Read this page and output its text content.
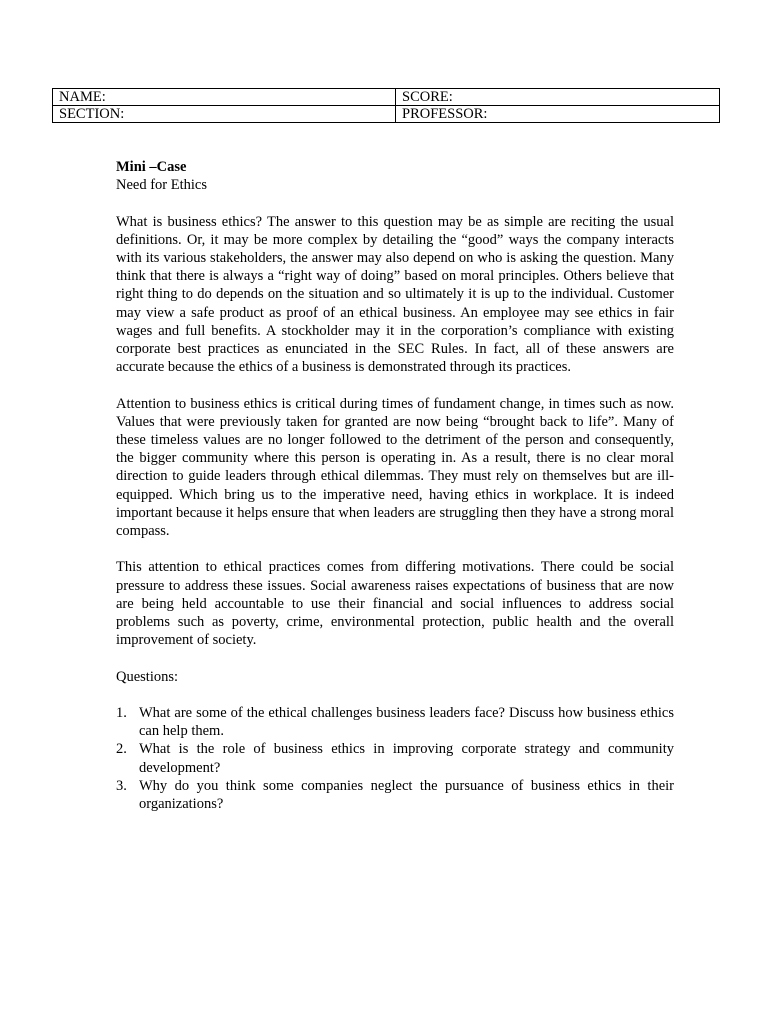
NAME:	SCORE:
SECTION:	PROFESSOR:

Mini –Case

Need for Ethics

What is business ethics? The answer to this question may be as simple are reciting the usual definitions. Or, it may be more complex by detailing the “good” ways the company interacts with its various stakeholders, the answer may also depend on who is asking the question. Many think that there is always a “right way of doing” based on moral principles. Others believe that right thing to do depends on the situation and so ultimately it is up to the individual. Customer may view a safe product as proof of an ethical business. An employee may see ethics in fair wages and full benefits. A stockholder may it in the corporation’s compliance with existing corporate best practices as enunciated in the SEC Rules. In fact, all of these answers are accurate because the ethics of a business is demonstrated through its practices.

Attention to business ethics is critical during times of fundament change, in times such as now. Values that were previously taken for granted are now being “brought back to life”. Many of these timeless values are no longer followed to the detriment of the person and consequently, the bigger community where this person is operating in. As a result, there is no clear moral direction to guide leaders through ethical dilemmas. They must rely on themselves but are ill-equipped. Which bring us to the imperative need, having ethics in workplace. It is indeed important because it helps ensure that when leaders are struggling then they have a strong moral compass.

This attention to ethical practices comes from differing motivations. There could be social pressure to address these issues. Social awareness raises expectations of business that are now are being held accountable to use their financial and social influences to address social problems such as poverty, crime, environmental protection, public health and the overall improvement of society.

Questions:

1. What are some of the ethical challenges business leaders face? Discuss how business ethics can help them.
2. What is the role of business ethics in improving corporate strategy and community development?
3. Why do you think some companies neglect the pursuance of business ethics in their organizations?
